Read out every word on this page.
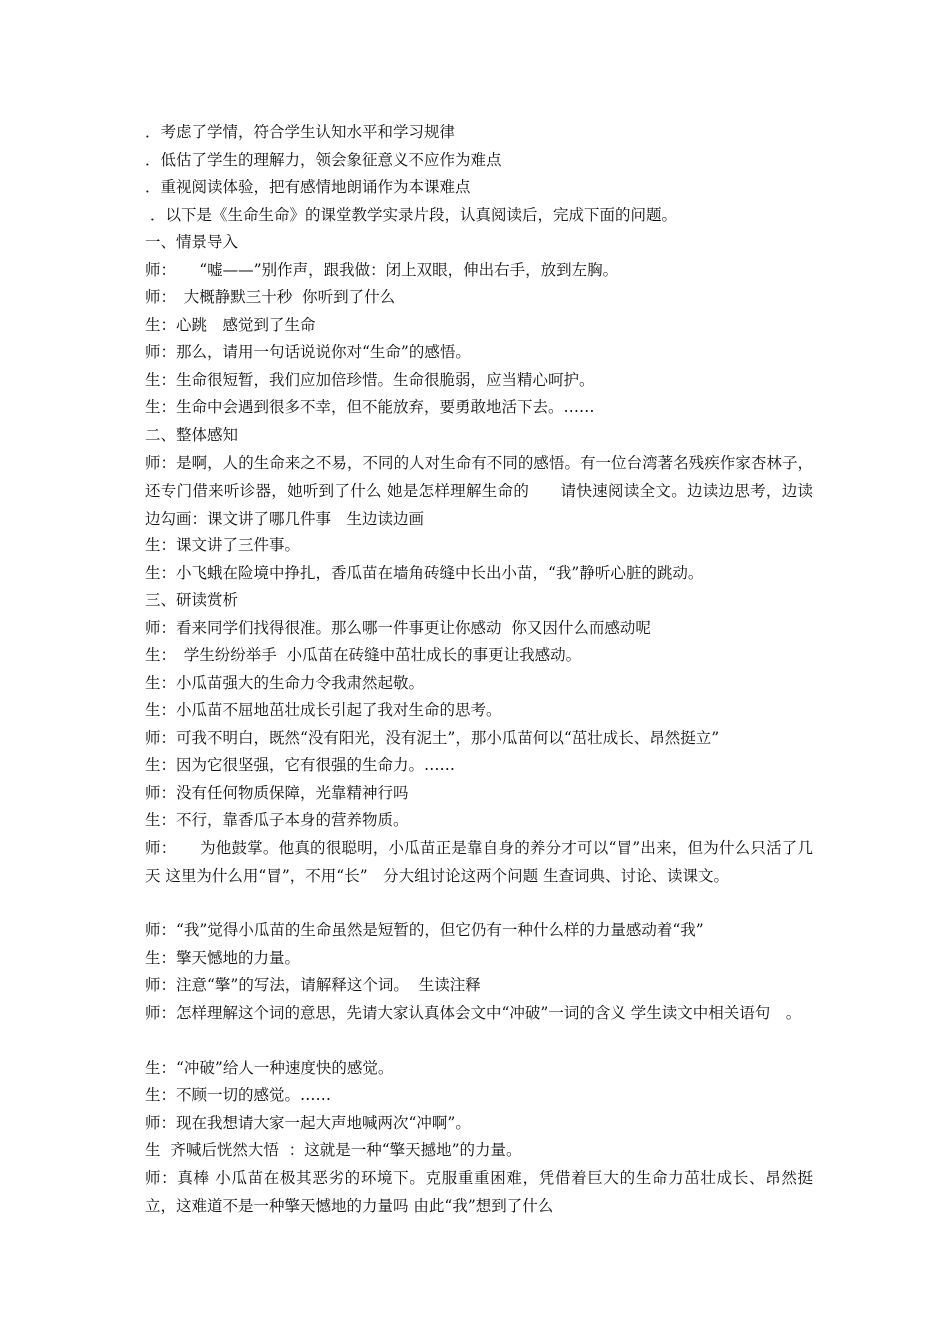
．考虑了学情，符合学生认知水平和学习规律
．低估了学生的理解力，领会象征意义不应作为难点
．重视阅读体验，把有感情地朗诵作为本课难点
．以下是《生命生命》的课堂教学实录片段，认真阅读后，完成下面的问题。
一、情景导入
师：　　“嘘——”别作声，跟我做：闭上双眼，伸出右手，放到左胸。
师：　大概静默三十秒  你听到了什么
生：心跳　感觉到了生命
师：那么，请用一句话说说你对“生命”的感悟。
生：生命很短暂，我们应加倍珍惜。生命很脆弱，应当精心呵护。
生：生命中会遇到很多不幸，但不能放弃，要勇敢地活下去。……
二、整体感知
师：是啊，人的生命来之不易，不同的人对生命有不同的感悟。有一位台湾著名残疾作家杏林子，还专门借来听诊器，她听到了什么 她是怎样理解生命的　　请快速阅读全文。边读边思考，边读边勾画：课文讲了哪几件事　生边读边画
生：课文讲了三件事。
生：小飞蛾在险境中挣扎，香瓜苗在墙角砖缝中长出小苗，“我”静听心脏的跳动。
三、研读赏析
师：看来同学们找得很准。那么哪一件事更让你感动  你又因什么而感动呢
生：　学生纷纷举手  小瓜苗在砖缝中茁壮成长的事更让我感动。
生：小瓜苗强大的生命力令我肃然起敬。
生：小瓜苗不屈地茁壮成长引起了我对生命的思考。
师：可我不明白，既然“没有阳光，没有泥土”，那小瓜苗何以“茁壮成长、昂然挺立”
生：因为它很坚强，它有很强的生命力。……
师：没有任何物质保障，光靠精神行吗
生：不行，靠香瓜子本身的营养物质。
师：　　为他鼓掌。他真的很聪明，小瓜苗正是靠自身的养分才可以“冒”出来，但为什么只活了几天 这里为什么用“冒”，不用“长”　分大组讨论这两个问题 生查词典、讨论、读课文。
师：“我”觉得小瓜苗的生命虽然是短暂的，但它仍有一种什么样的力量感动着“我”
生：擎天憾地的力量。
师：注意“擎”的写法，请解释这个词。  生读注释
师：怎样理解这个词的意思，先请大家认真体会文中“冲破”一词的含义 学生读文中相关语句　。
生：“冲破”给人一种速度快的感觉。
生：不顾一切的感觉。……
师：现在我想请大家一起大声地喊两次“冲啊”。
生  齐喊后恍然大悟  ：这就是一种“擎天撼地”的力量。
师：真棒 小瓜苗在极其恶劣的环境下。克服重重困难，凭借着巨大的生命力茁壮成长、昂然挺立，这难道不是一种擎天憾地的力量吗 由此“我”想到了什么
